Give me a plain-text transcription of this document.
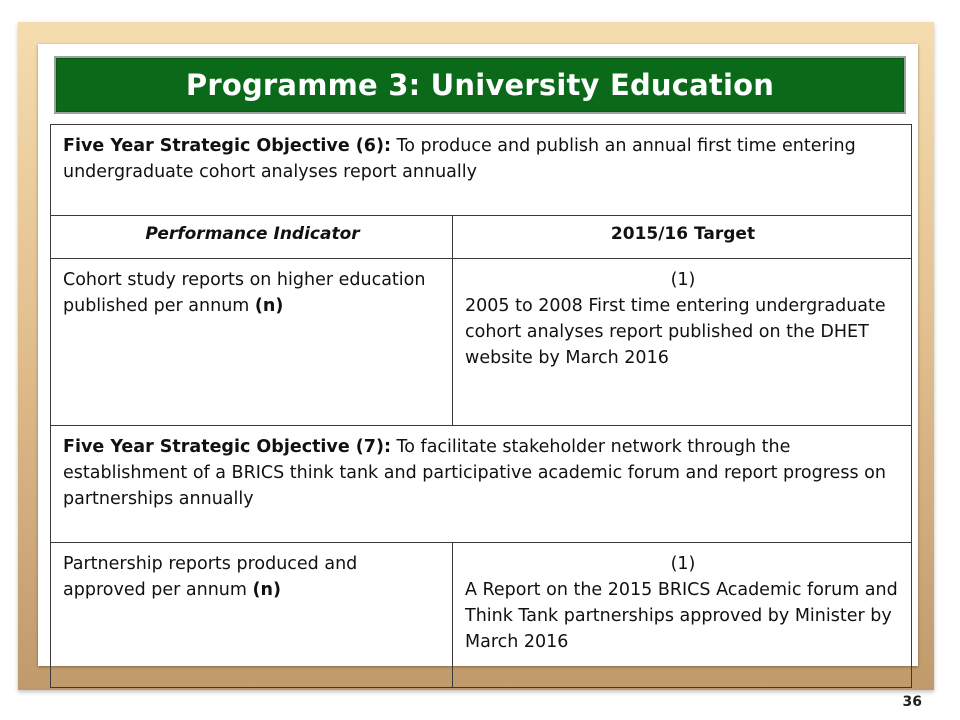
Programme 3: University Education
Five Year Strategic Objective (6): To produce and publish an annual first time entering undergraduate cohort analyses report annually	
Performance Indicator	2015/16 Target
Cohort study reports on higher education published per annum (n)	(1)
2005 to 2008 First time entering undergraduate cohort analyses report published on the DHET website by March 2016
Five Year Strategic Objective (7): To facilitate stakeholder network through the establishment of a BRICS think tank and participative academic forum and report progress on partnerships annually	
Partnership reports produced and approved per annum (n)	(1)
A Report on the 2015 BRICS Academic forum and Think Tank partnerships approved by Minister by March 2016
36
